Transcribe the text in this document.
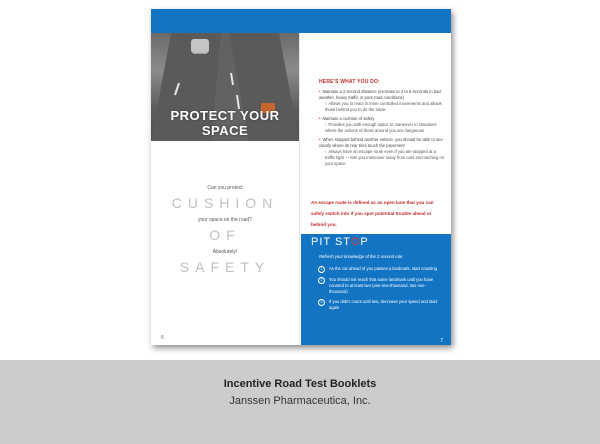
PROTECT YOUR SPACE
Can you protect
CUSHION
your space on the road?
OF
Absolutely!
SAFETY
6
HERE'S WHAT YOU DO:
• Maintain a 2 second distance (increase to 4 to 6 seconds in bad weather, heavy traffic or poor road conditions)
› Allows you to react in more controlled movements and allows those behind you to do the same
• Maintain a cushion of safety
› Provides you with enough space to maneuver in situations where the actions of those around you are dangerous
• When stopped behind another vehicle, you should be able to see clearly where its rear tires touch the pavement
› Always have an escape route even if you are stopped at a traffic light — lets you maneuver away from cars encroaching on your space
An escape route is defined as an open lane that you can safely switch into if you spot potential trouble ahead or behind you.
PIT STOP
Refresh your knowledge of the 2 second rule:
1	As the car ahead of you passes a landmark, start counting
2	You should not reach that same landmark until you have counted to at least two (one-one-thousand, two one-thousand)
3	If you didn't count until two, decrease your speed and start again
7
Incentive Road Test Booklets
Janssen Pharmaceutica, Inc.
